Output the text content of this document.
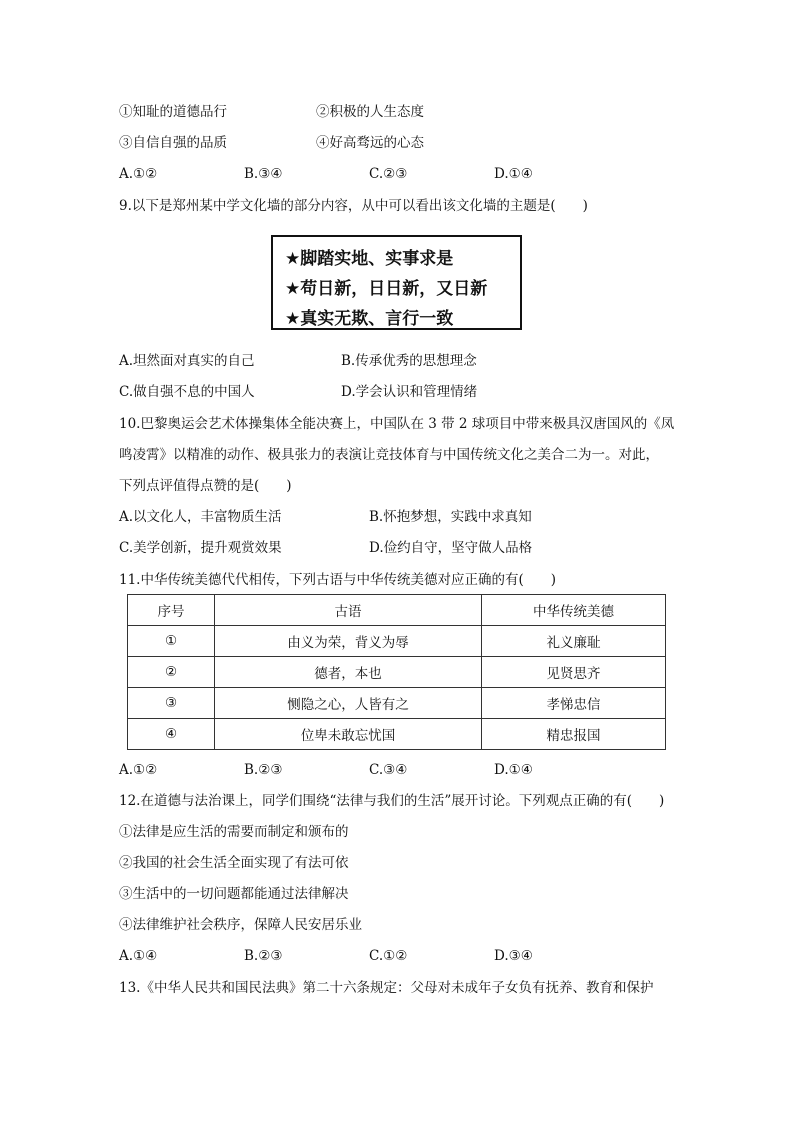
①知耻的道德品行	②积极的人生态度
③自信自强的品质	④好高骛远的心态
A.①②	B.③④	C.②③	D.①④
9.以下是郑州某中学文化墙的部分内容，从中可以看出该文化墙的主题是(　　)
★脚踏实地、实事求是
★苟日新，日日新，又日新
★真实无欺、言行一致
A.坦然面对真实的自己	B.传承优秀的思想理念
C.做自强不息的中国人	D.学会认识和管理情绪
10.巴黎奥运会艺术体操集体全能决赛上，中国队在 3 带 2 球项目中带来极具汉唐国风的《凤
鸣凌霄》以精准的动作、极具张力的表演让竞技体育与中国传统文化之美合二为一。对此，
下列点评值得点赞的是(　　)
A.以文化人，丰富物质生活	B.怀抱梦想，实践中求真知
C.美学创新，提升观赏效果	D.俭约自守，坚守做人品格
11.中华传统美德代代相传，下列古语与中华传统美德对应正确的有(　　)
序号	古语	中华传统美德
①	由义为荣，背义为辱	礼义廉耻
②	德者，本也	见贤思齐
③	恻隐之心，人皆有之	孝悌忠信
④	位卑未敢忘忧国	精忠报国
A.①②	B.②③	C.③④	D.①④
12.在道德与法治课上，同学们围绕“法律与我们的生活”展开讨论。下列观点正确的有(　　)
①法律是应生活的需要而制定和颁布的
②我国的社会生活全面实现了有法可依
③生活中的一切问题都能通过法律解决
④法律维护社会秩序，保障人民安居乐业
A.①④	B.②③	C.①②	D.③④
13.《中华人民共和国民法典》第二十六条规定：父母对未成年子女负有抚养、教育和保护
